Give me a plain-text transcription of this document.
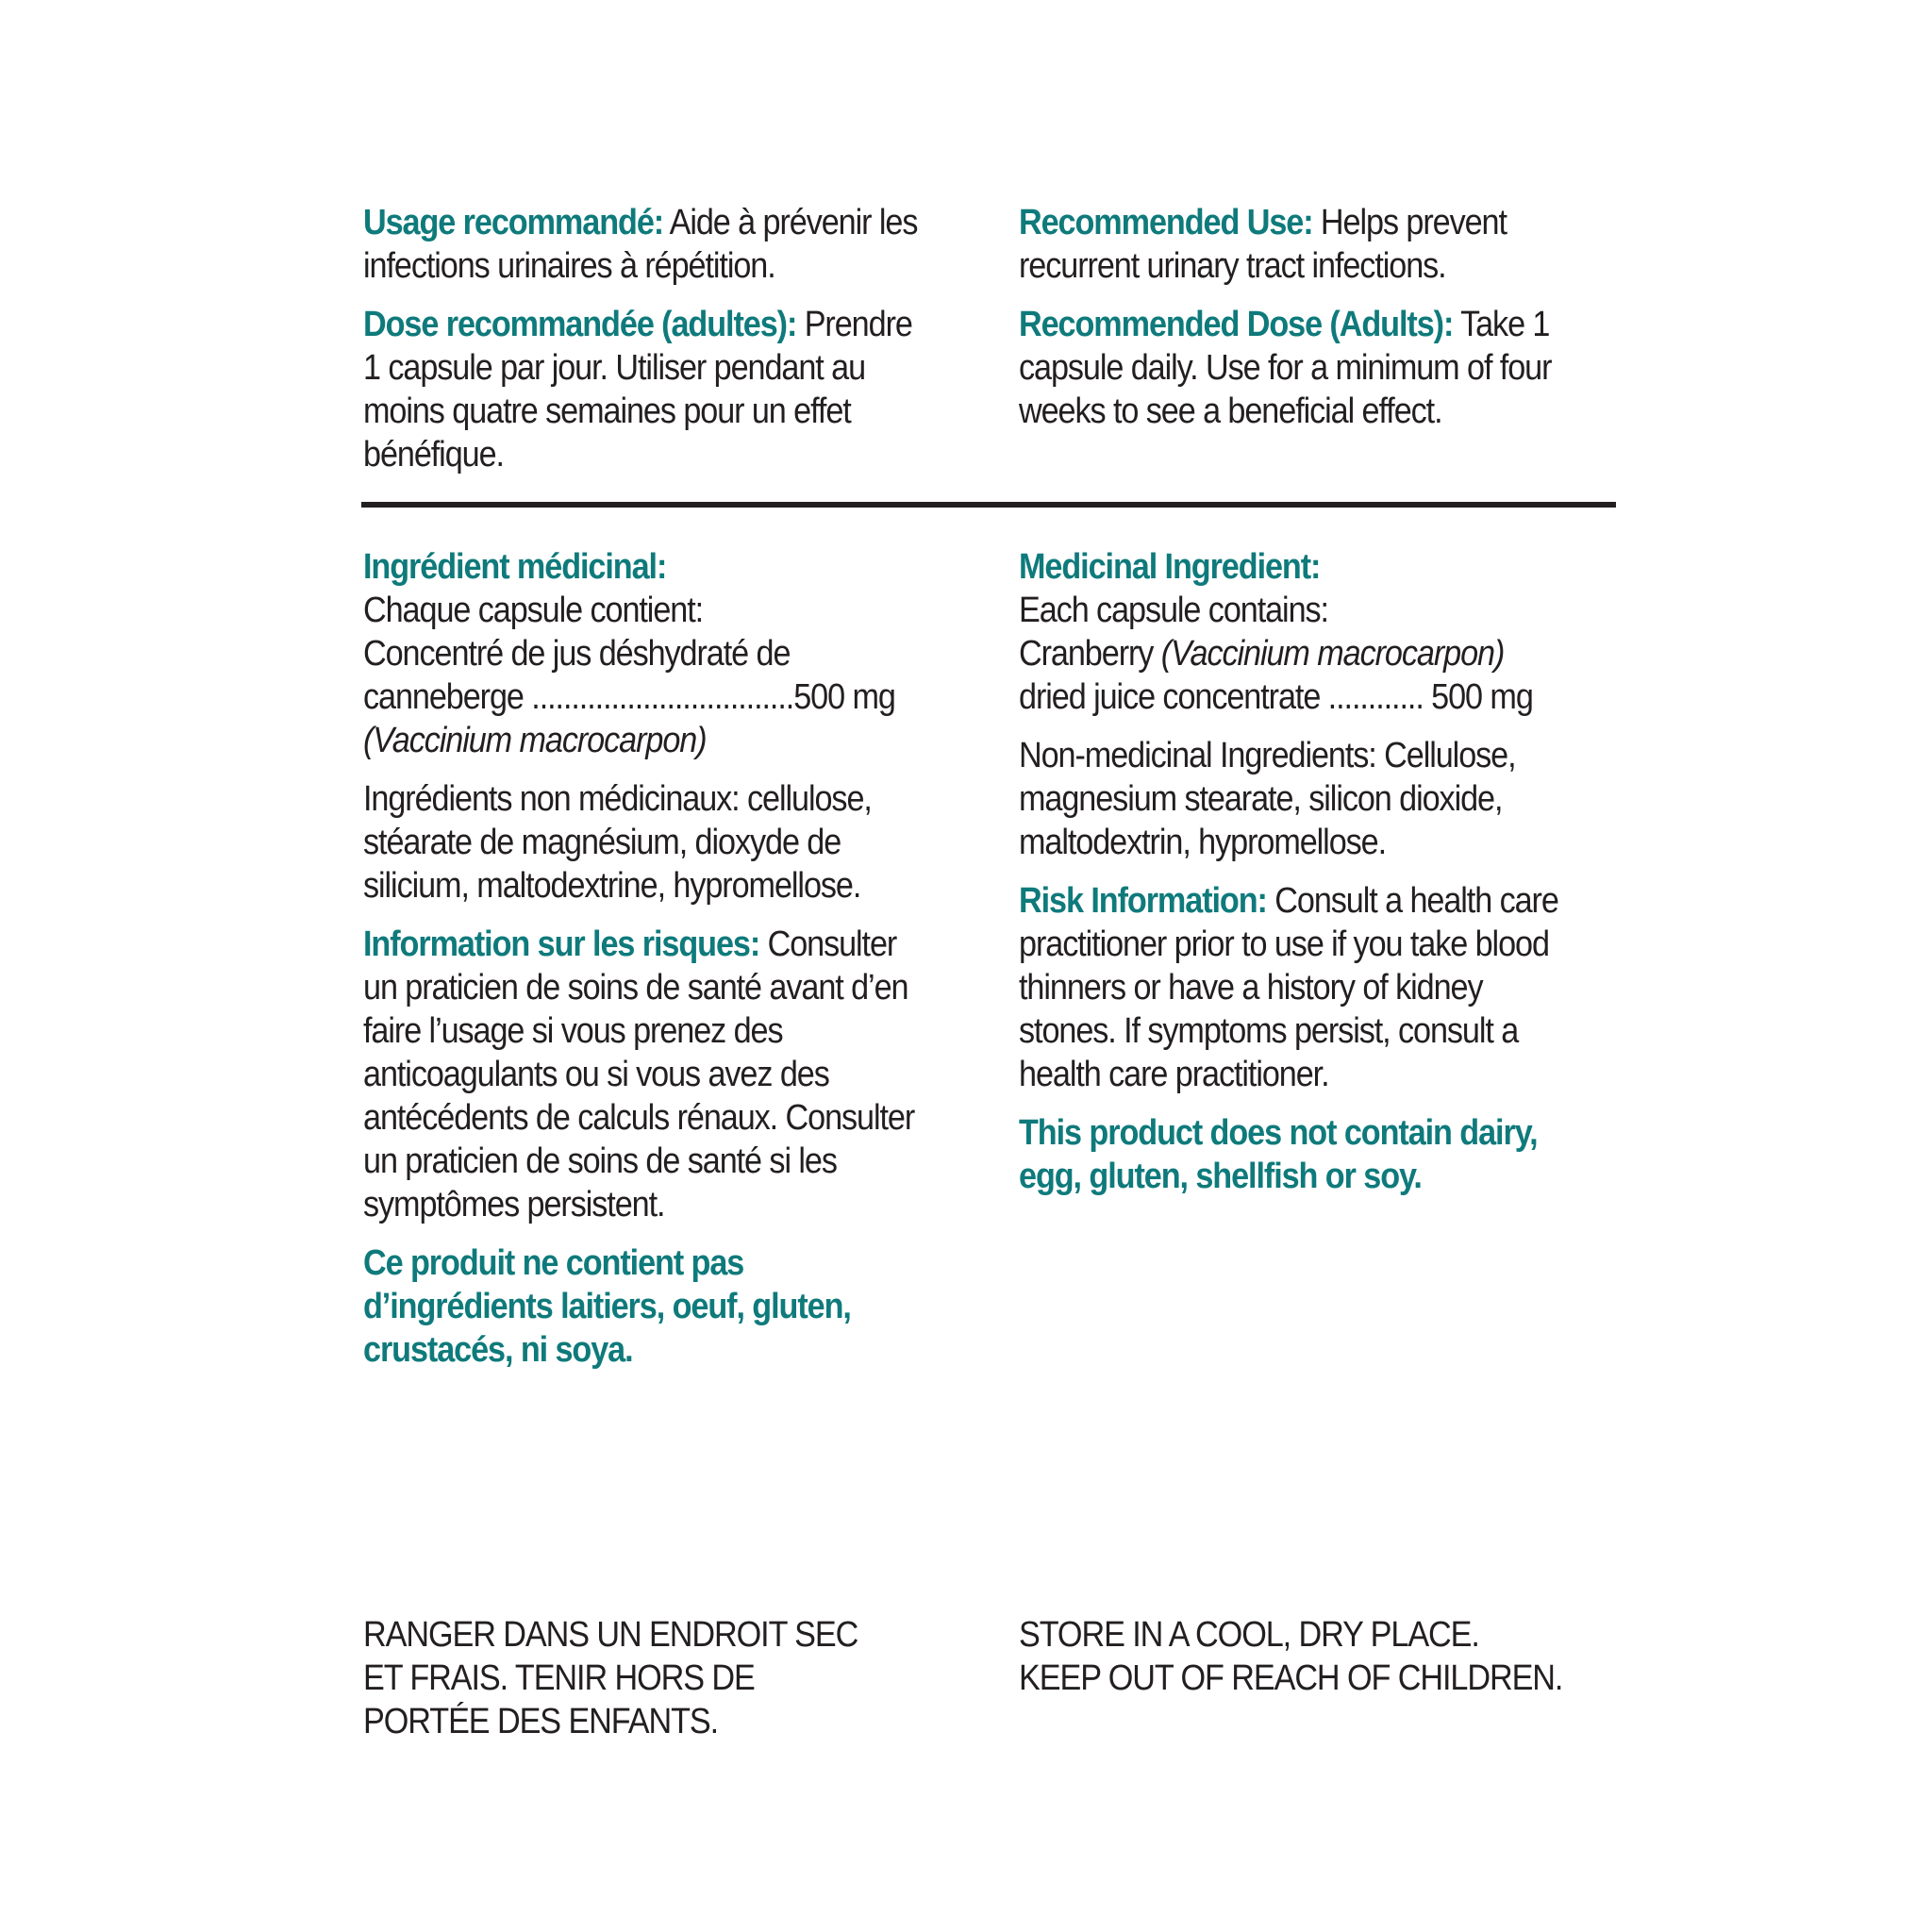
Usage recommandé: Aide à prévenir les infections urinaires à répétition.

Dose recommandée (adultes): Prendre 1 capsule par jour. Utiliser pendant au moins quatre semaines pour un effet bénéfique.

Recommended Use: Helps prevent recurrent urinary tract infections.

Recommended Dose (Adults): Take 1 capsule daily. Use for a minimum of four weeks to see a beneficial effect.

Ingrédient médicinal:
Chaque capsule contient:
Concentré de jus déshydraté de
canneberge .................................500 mg
(Vaccinium macrocarpon)

Ingrédients non médicinaux: cellulose, stéarate de magnésium, dioxyde de silicium, maltodextrine, hypromellose.

Information sur les risques: Consulter un praticien de soins de santé avant d’en faire l’usage si vous prenez des anticoagulants ou si vous avez des antécédents de calculs rénaux. Consulter un praticien de soins de santé si les symptômes persistent.

Ce produit ne contient pas d’ingrédients laitiers, oeuf, gluten, crustacés, ni soya.

Medicinal Ingredient:
Each capsule contains:
Cranberry (Vaccinium macrocarpon)
dried juice concentrate ............ 500 mg

Non-medicinal Ingredients: Cellulose, magnesium stearate, silicon dioxide, maltodextrin, hypromellose.

Risk Information: Consult a health care practitioner prior to use if you take blood thinners or have a history of kidney stones. If symptoms persist, consult a health care practitioner.

This product does not contain dairy, egg, gluten, shellfish or soy.

RANGER DANS UN ENDROIT SEC ET FRAIS. TENIR HORS DE PORTÉE DES ENFANTS.

STORE IN A COOL, DRY PLACE.
KEEP OUT OF REACH OF CHILDREN.
